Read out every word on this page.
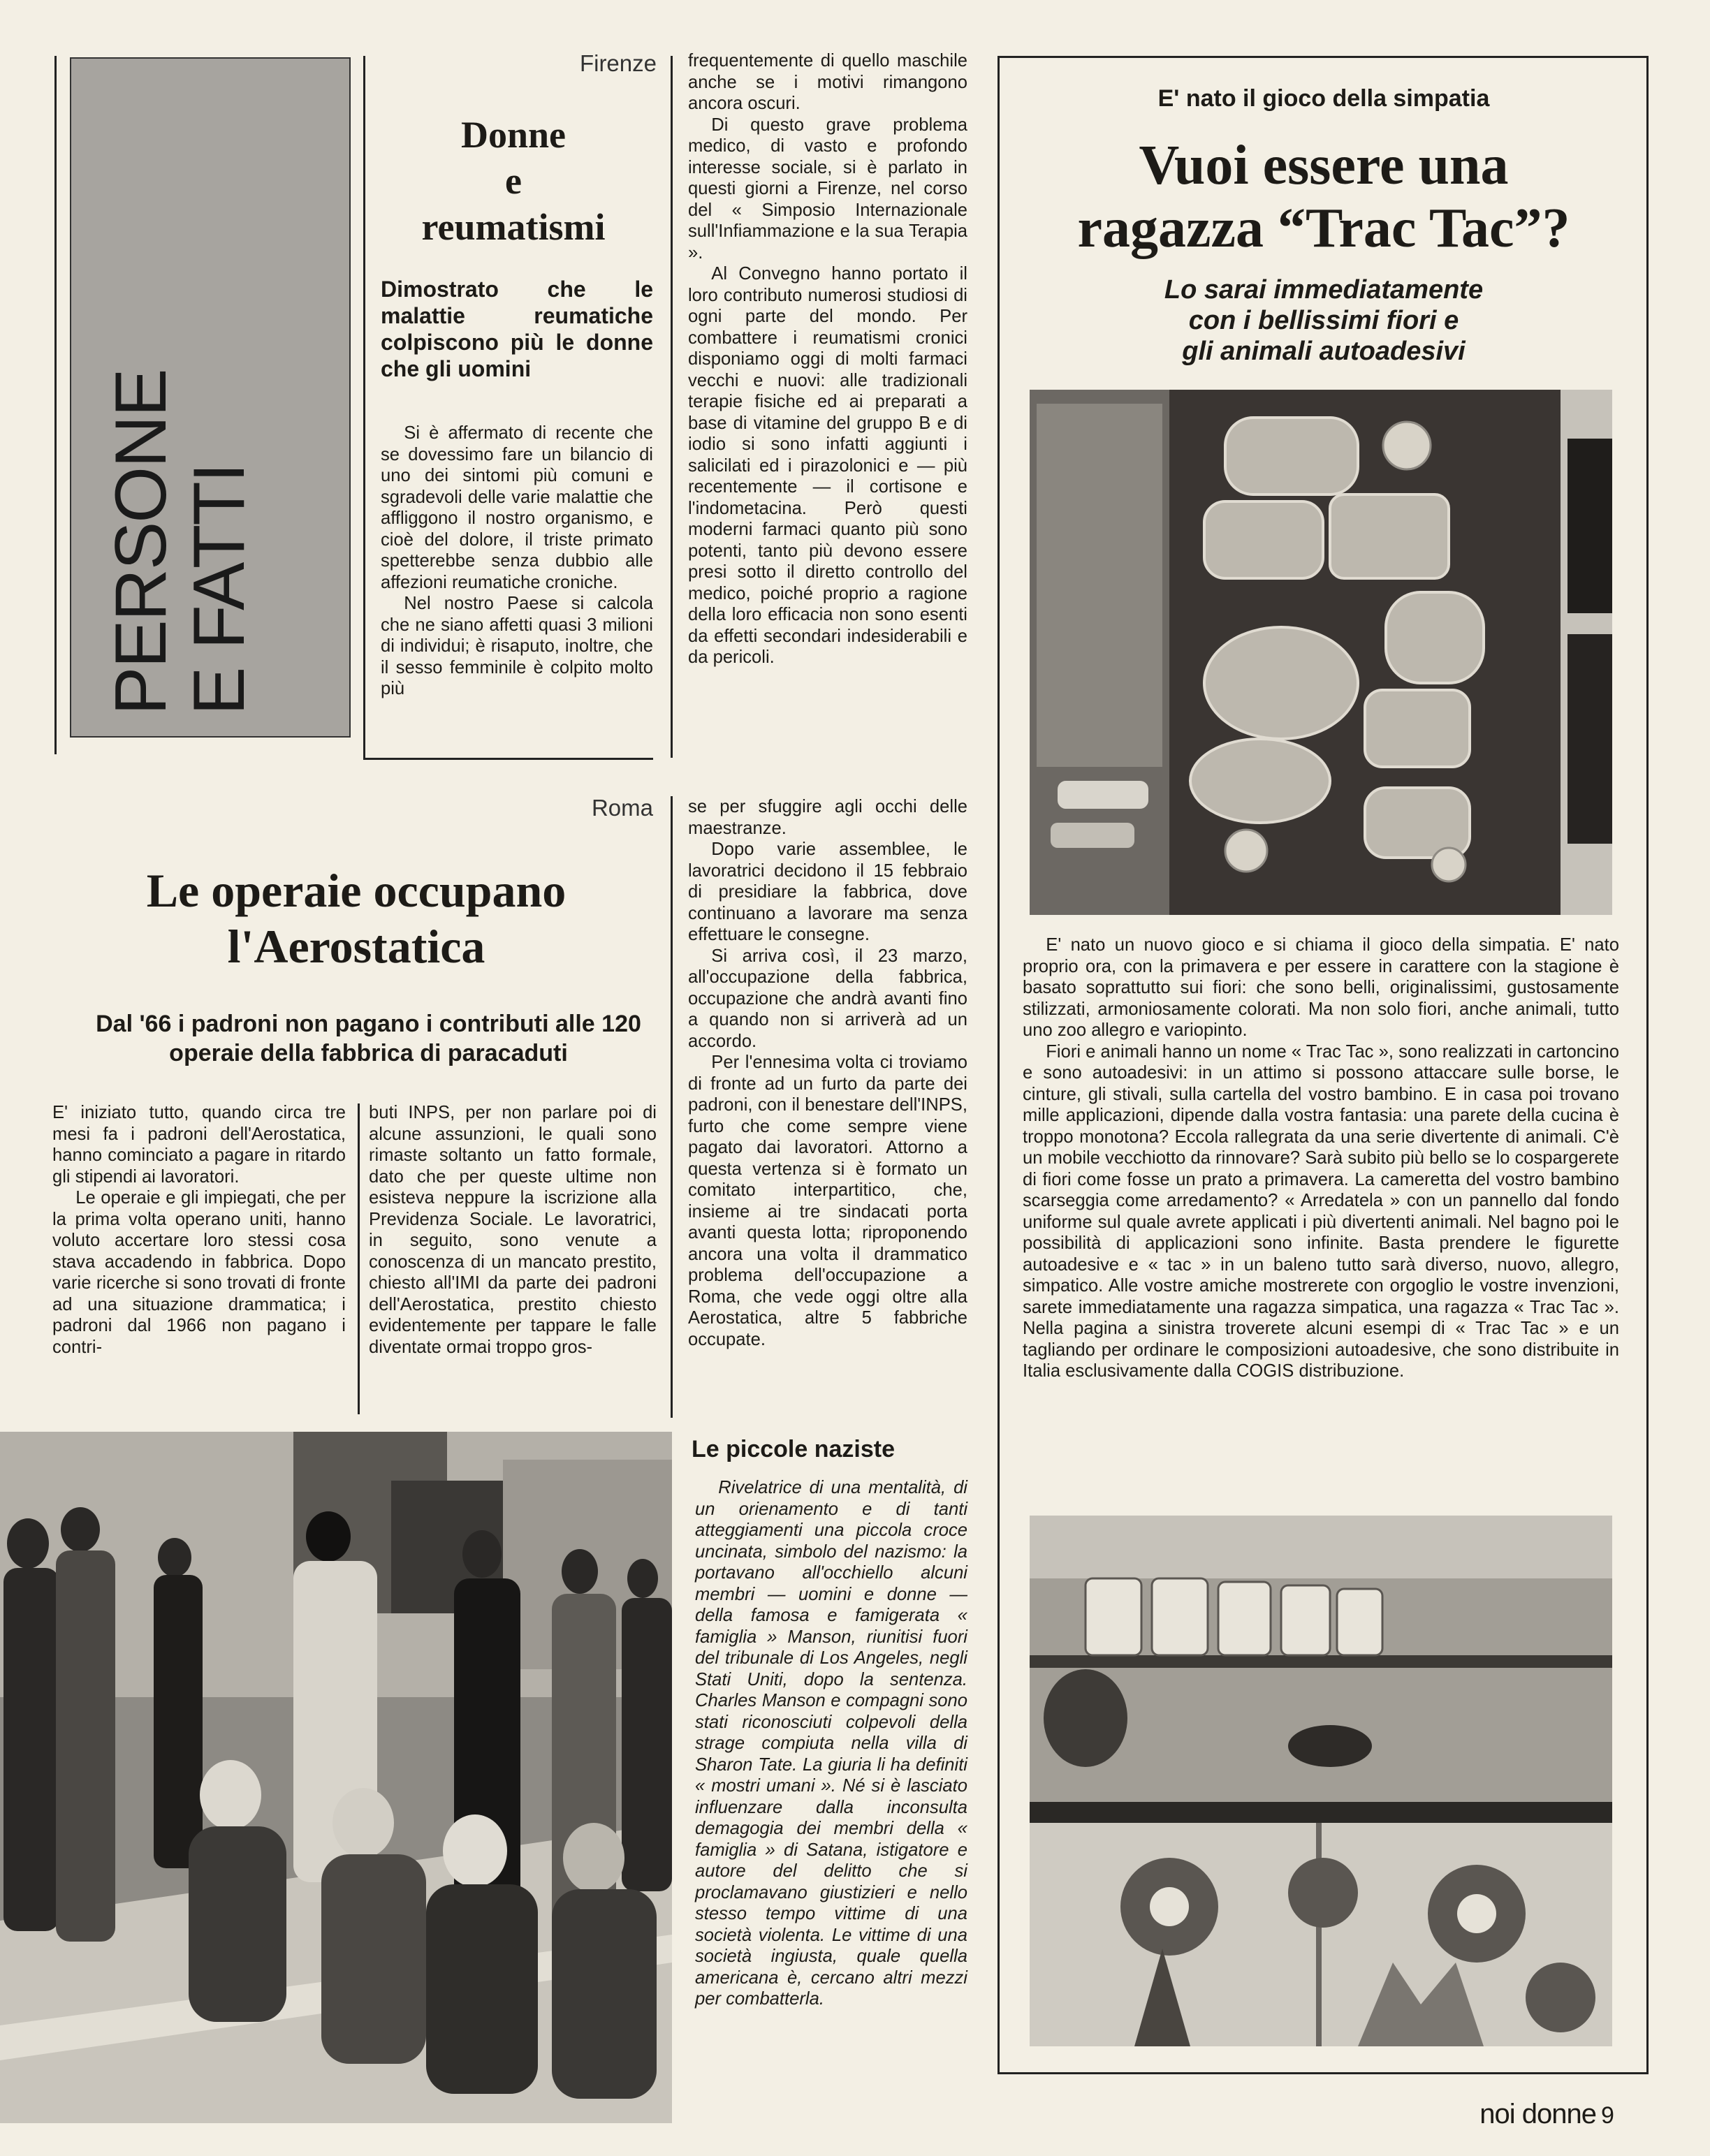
PERSONE
E FATTI
Firenze
Donne
e
reumatismi
Dimostrato che le malattie reumatiche colpiscono più le donne che gli uomini

Si è affermato di recente che se dovessimo fare un bilancio di uno dei sintomi più comuni e sgradevoli delle varie malattie che affliggono il nostro organismo, e cioè del dolore, il triste primato spetterebbe senza dubbio alle affezioni reumatiche croniche.

Nel nostro Paese si calcola che ne siano affetti quasi 3 milioni di individui; è risaputo, inoltre, che il sesso femminile è colpito molto più

frequentemente di quello maschile anche se i motivi rimangono ancora oscuri.

Di questo grave problema medico, di vasto e profondo interesse sociale, si è parlato in questi giorni a Firenze, nel corso del « Simposio Internazionale sull'Infiammazione e la sua Terapia ».

Al Convegno hanno portato il loro contributo numerosi studiosi di ogni parte del mondo. Per combattere i reumatismi cronici disponiamo oggi di molti farmaci vecchi e nuovi: alle tradizionali terapie fisiche ed ai preparati a base di vitamine del gruppo B e di iodio si sono infatti aggiunti i salicilati ed i pirazolonici e — più recentemente — il cortisone e l'indometacina. Però questi moderni farmaci quanto più sono potenti, tanto più devono essere presi sotto il diretto controllo del medico, poiché proprio a ragione della loro efficacia non sono esenti da effetti secondari indesiderabili e da pericoli.

Roma
Le operaie occupano
l'Aerostatica
Dal '66 i padroni non pagano i contributi alle 120 operaie della fabbrica di paracaduti

E' iniziato tutto, quando circa tre mesi fa i padroni dell'Aerostatica, hanno cominciato a pagare in ritardo gli stipendi ai lavoratori.

Le operaie e gli impiegati, che per la prima volta operano uniti, hanno voluto accertare loro stessi cosa stava accadendo in fabbrica. Dopo varie ricerche si sono trovati di fronte ad una situazione drammatica; i padroni dal 1966 non pagano i contri-

buti INPS, per non parlare poi di alcune assunzioni, le quali sono rimaste soltanto un fatto formale, dato che per queste ultime non esisteva neppure la iscrizione alla Previdenza Sociale. Le lavoratrici, in seguito, sono venute a conoscenza di un mancato prestito, chiesto all'IMI da parte dei padroni dell'Aerostatica, prestito chiesto evidentemente per tappare le falle diventate ormai troppo gros-

se per sfuggire agli occhi delle maestranze.

Dopo varie assemblee, le lavoratrici decidono il 15 febbraio di presidiare la fabbrica, dove continuano a lavorare ma senza effettuare le consegne.

Si arriva così, il 23 marzo, all'occupazione della fabbrica, occupazione che andrà avanti fino a quando non si arriverà ad un accordo.

Per l'ennesima volta ci troviamo di fronte ad un furto da parte dei padroni, con il benestare dell'INPS, furto che come sempre viene pagato dai lavoratori. Attorno a questa vertenza si è formato un comitato interpartitico, che, insieme ai tre sindacati porta avanti questa lotta; riproponendo ancora una volta il drammatico problema dell'occupazione a Roma, che vede oggi oltre alla Aerostatica, altre 5 fabbriche occupate.

Le piccole naziste
Rivelatrice di una mentalità, di un orienamento e di tanti atteggiamenti una piccola croce uncinata, simbolo del nazismo: la portavano all'occhiello alcuni membri — uomini e donne — della famosa e famigerata « famiglia » Manson, riunitisi fuori del tribunale di Los Angeles, negli Stati Uniti, dopo la sentenza. Charles Manson e compagni sono stati riconosciuti colpevoli della strage compiuta nella villa di Sharon Tate. La giuria li ha definiti « mostri umani ». Né si è lasciato influenzare dalla inconsulta demagogia dei membri della « famiglia » di Satana, istigatore e autore del delitto che si proclamavano giustizieri e nello stesso tempo vittime di una società violenta. Le vittime di una società ingiusta, quale quella americana è, cercano altri mezzi per combatterla.
E' nato il gioco della simpatia
Vuoi essere una
ragazza “Trac Tac”?
Lo sarai immediatamente
con i bellissimi fiori e
gli animali autoadesivi

E' nato un nuovo gioco e si chiama il gioco della simpatia. E' nato proprio ora, con la primavera e per essere in carattere con la stagione è basato soprattutto sui fiori: che sono belli, originalissimi, gustosamente stilizzati, armoniosamente colorati. Ma non solo fiori, anche animali, tutto uno zoo allegro e variopinto.

Fiori e animali hanno un nome « Trac Tac », sono realizzati in cartoncino e sono autoadesivi: in un attimo si possono attaccare sulle borse, le cinture, gli stivali, sulla cartella del vostro bambino. E in casa poi trovano mille applicazioni, dipende dalla vostra fantasia: una parete della cucina è troppo monotona? Eccola rallegrata da una serie divertente di animali. C'è un mobile vecchiotto da rinnovare? Sarà subito più bello se lo cospargerete di fiori come fosse un prato a primavera. La cameretta del vostro bambino scarseggia come arredamento? « Arredatela » con un pannello dal fondo uniforme sul quale avrete applicati i più divertenti animali. Nel bagno poi le possibilità di applicazioni sono infinite. Basta prendere le figurette autoadesive e « tac » in un baleno tutto sarà diverso, nuovo, allegro, simpatico. Alle vostre amiche mostrerete con orgoglio le vostre invenzioni, sarete immediatamente una ragazza simpatica, una ragazza « Trac Tac ». Nella pagina a sinistra troverete alcuni esempi di « Trac Tac » e un tagliando per ordinare le composizioni autoadesive, che sono distribuite in Italia esclusivamente dalla COGIS distribuzione.

noi donne 9
